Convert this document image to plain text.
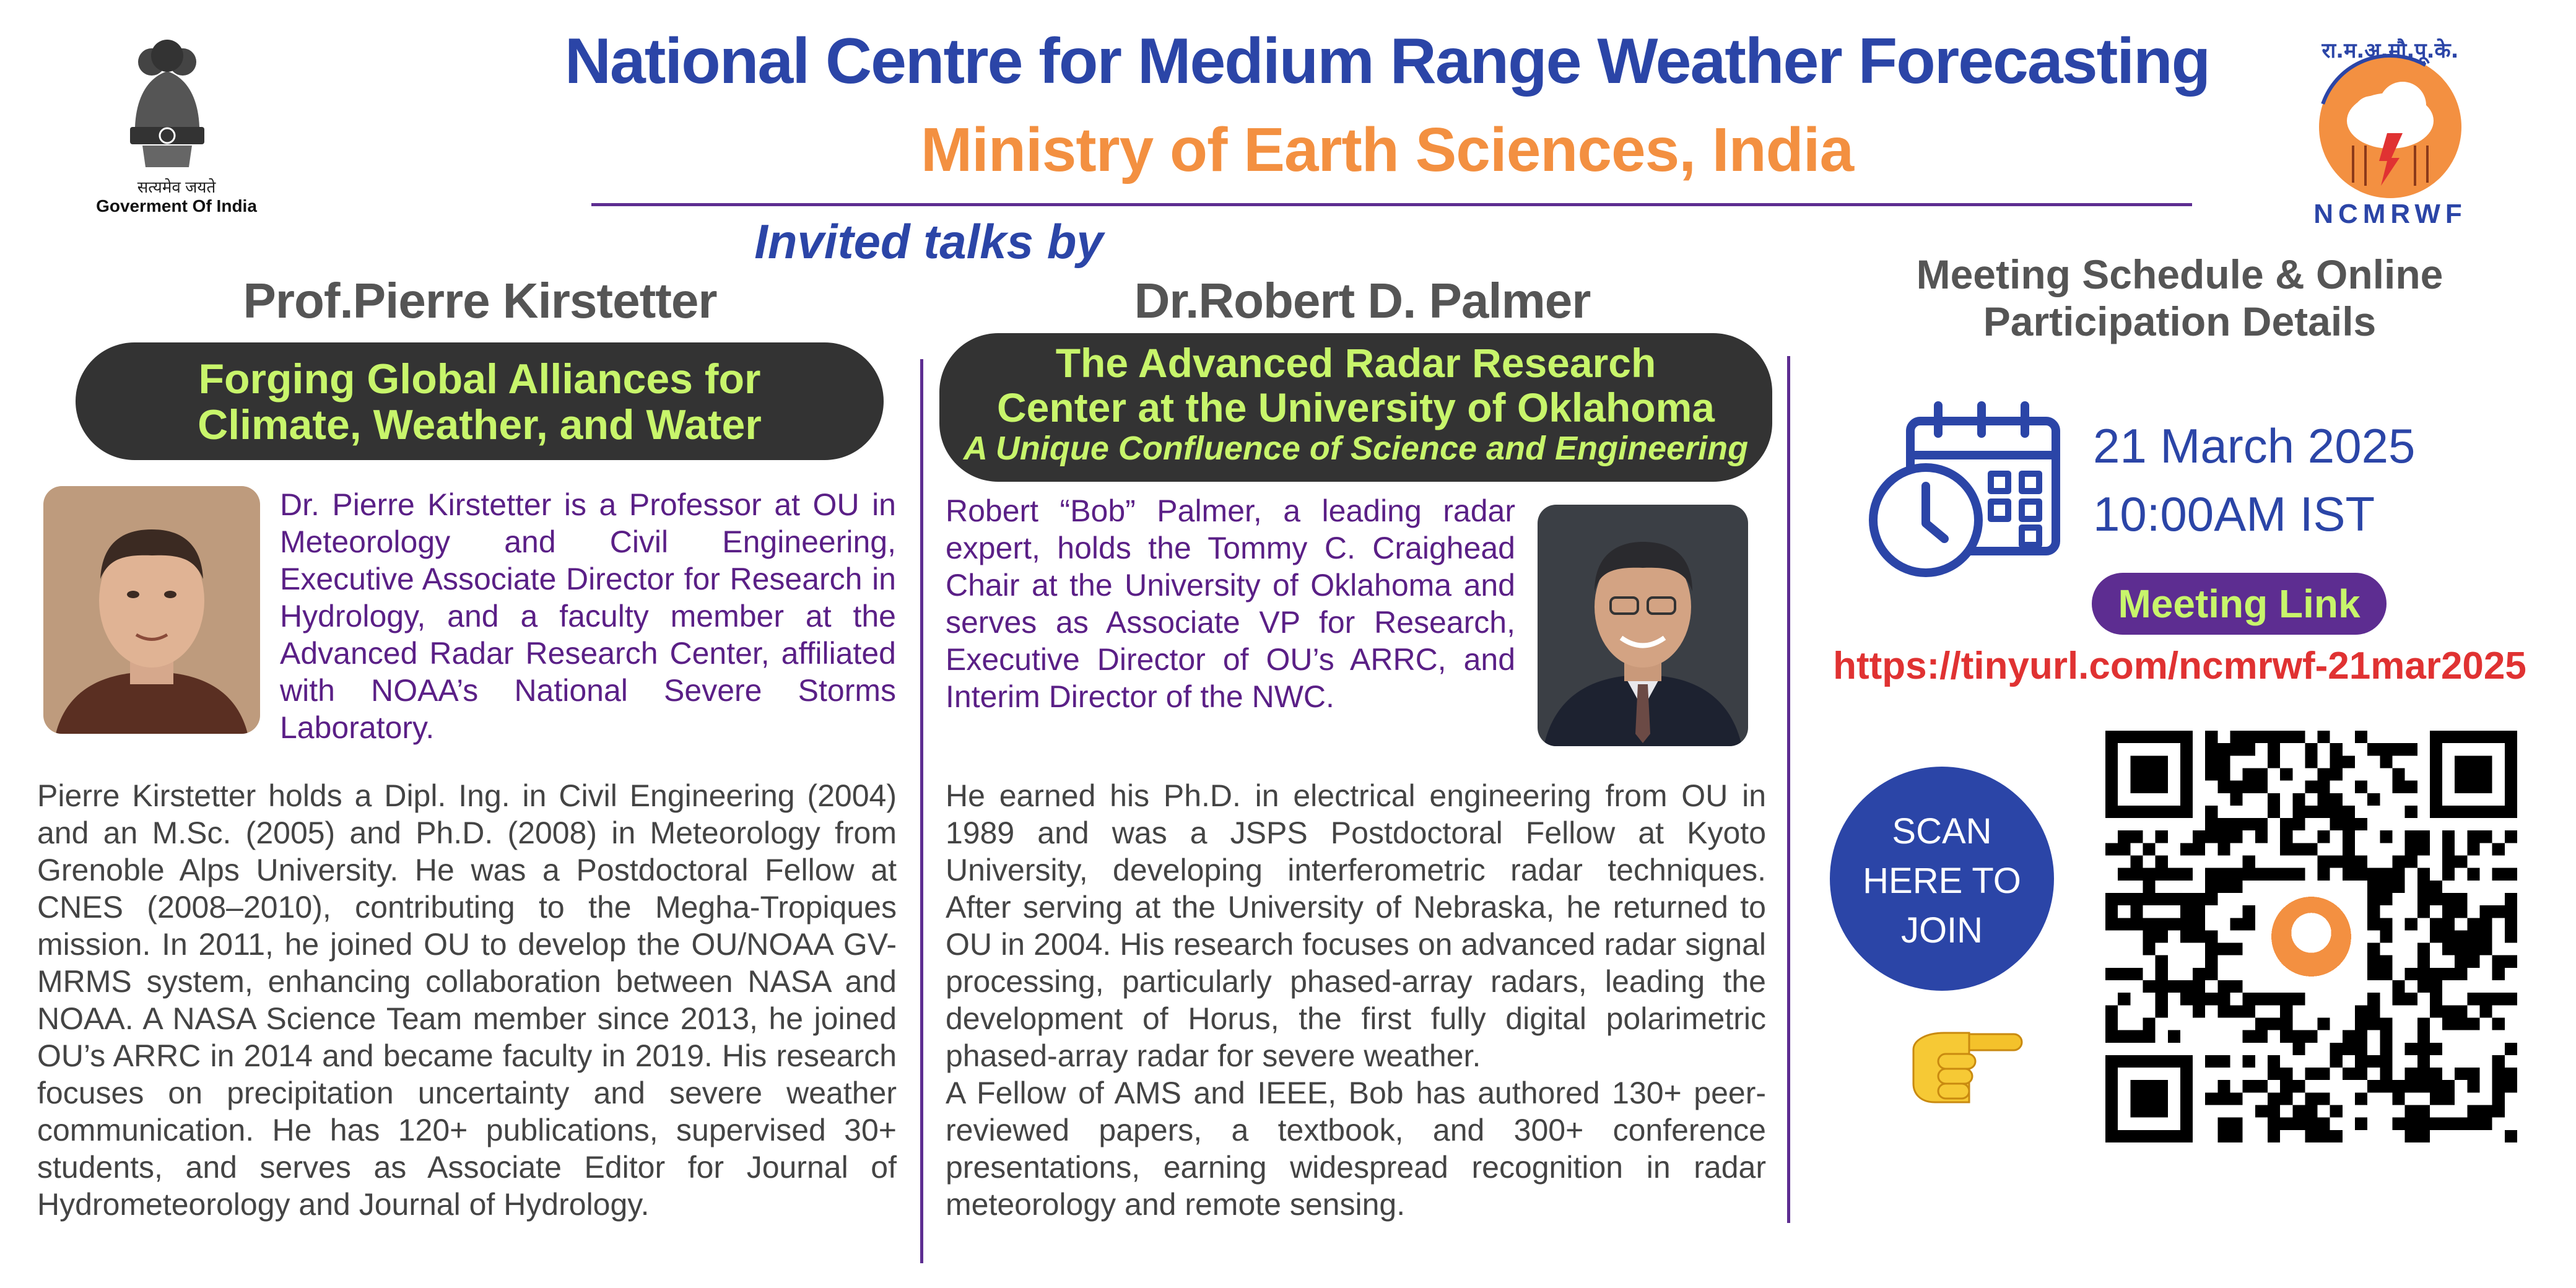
सत्यमेव जयते
Goverment Of India
National Centre for Medium Range Weather Forecasting
Ministry of Earth Sciences, India
रा.म.अ.मौ.पू.के.
NCMRWF
Invited talks by
Prof.Pierre Kirstetter	Dr.Robert D. Palmer
Forging Global Alliances for
Climate, Weather, and Water
The Advanced Radar Research
Center at the University of Oklahoma
A Unique Confluence of Science and Engineering
Dr. Pierre Kirstetter is a Professor at OU in Meteorology and Civil Engineering, Executive Associate Director for Research in Hydrology, and a faculty member at the Advanced Radar Research Center, affiliated with NOAA’s National Severe Storms Laboratory.
Pierre Kirstetter holds a Dipl. Ing. in Civil Engineering (2004) and an M.Sc. (2005) and Ph.D. (2008) in Meteorology from Grenoble Alps University. He was a Postdoctoral Fellow at CNES (2008–2010), contributing to the Megha-Tropiques mission. In 2011, he joined OU to develop the OU/NOAA GV-MRMS system, enhancing collaboration between NASA and NOAA. A NASA Science Team member since 2013, he joined OU’s ARRC in 2014 and became faculty in 2019. His research focuses on precipitation uncertainty and severe weather communication. He has 120+ publications, supervised 30+ students, and serves as Associate Editor for Journal of Hydrometeorology and Journal of Hydrology.
Robert “Bob” Palmer, a leading radar expert, holds the Tommy C. Craighead Chair at the University of Oklahoma and serves as Associate VP for Research, Executive Director of OU’s ARRC, and Interim Director of the NWC.

He earned his Ph.D. in electrical engineering from OU in 1989 and was a JSPS Postdoctoral Fellow at Kyoto University, developing interferometric radar techniques. After serving at the University of Nebraska, he returned to OU in 2004. His research focuses on advanced radar signal processing, particularly phased-array radars, leading the development of Horus, the first fully digital polarimetric phased-array radar for severe weather.

A Fellow of AMS and IEEE, Bob has authored 130+ peer-reviewed papers, a textbook, and 300+ conference presentations, earning widespread recognition in radar meteorology and remote sensing.

Meeting Schedule & Online
Participation Details
21 March 2025
10:00AM IST
Meeting Link
https://tinyurl.com/ncmrwf-21mar2025
SCAN
HERE TO
JOIN
